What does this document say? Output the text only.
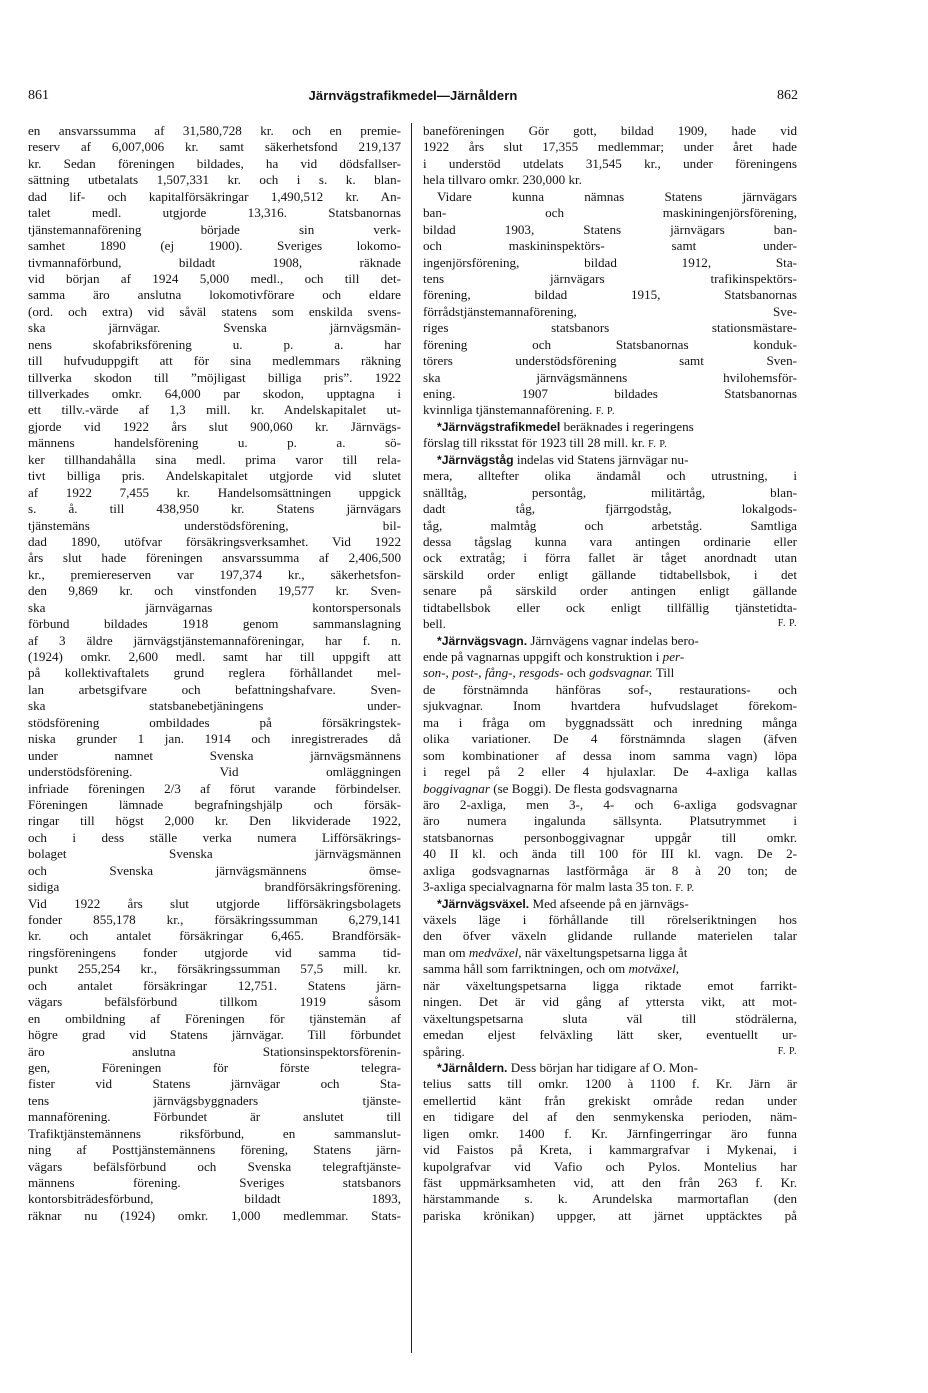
861	Järnvägstrafikmedel—Järnåldern	862
en ansvarssumma af 31,580,728 kr. och en premie-
reserv af 6,007,006 kr. samt säkerhetsfond 219,137
kr. Sedan föreningen bildades, ha vid dödsfallser-
sättning utbetalats 1,507,331 kr. och i s. k. blan-
dad lif- och kapitalförsäkringar 1,490,512 kr. An-
talet medl. utgjorde 13,316. Statsbanornas
tjänstemannaförening började sin verk-
samhet 1890 (ej 1900). Sveriges lokomo-
tivmannaförbund, bildadt 1908, räknade
vid början af 1924 5,000 medl., och till det-
samma äro anslutna lokomotivförare och eldare
(ord. och extra) vid såväl statens som enskilda svens-
ska järnvägar. Svenska järnvägsmän-
nens skofabriksförening u. p. a. har
till hufvuduppgift att för sina medlemmars räkning
tillverka skodon till ”möjligast billiga pris”. 1922
tillverkades omkr. 64,000 par skodon, upptagna i
ett tillv.-värde af 1,3 mill. kr. Andelskapitalet ut-
gjorde vid 1922 års slut 900,060 kr. Järnvägs-
männens handelsförening u. p. a. sö-
ker tillhandahålla sina medl. prima varor till rela-
tivt billiga pris. Andelskapitalet utgjorde vid slutet
af 1922 7,455 kr. Handelsomsättningen uppgick
s. å. till 438,950 kr. Statens järnvägars
tjänstemäns understödsförening, bil-
dad 1890, utöfvar försäkringsverksamhet. Vid 1922
års slut hade föreningen ansvarssumma af 2,406,500
kr., premiereserven var 197,374 kr., säkerhetsfon-
den 9,869 kr. och vinstfonden 19,577 kr. Sven-
ska järnvägarnas kontorspersonals
förbund bildades 1918 genom sammanslagning
af 3 äldre järnvägstjänstemannaföreningar, har f. n.
(1924) omkr. 2,600 medl. samt har till uppgift att
på kollektivaftalets grund reglera förhållandet mel-
lan arbetsgifvare och befattningshafvare. Sven-
ska statsbanebetjäningens under-
stödsförening ombildades på försäkringstek-
niska grunder 1 jan. 1914 och inregistrerades då
under namnet Svenska järnvägsmännens
understödsförening. Vid omläggningen
infriade föreningen 2/3 af förut varande förbindelser.
Föreningen lämnade begrafningshjälp och försäk-
ringar till högst 2,000 kr. Den likviderade 1922,
och i dess ställe verka numera Lifförsäkrings-
bolaget Svenska järnvägsmännen
och Svenska järnvägsmännens ömse-
sidiga brandförsäkringsförening.
Vid 1922 års slut utgjorde lifförsäkringsbolagets
fonder 855,178 kr., försäkringssumman 6,279,141
kr. och antalet försäkringar 6,465. Brandförsäk-
ringsföreningens fonder utgjorde vid samma tid-
punkt 255,254 kr., försäkringssumman 57,5 mill. kr.
och antalet försäkringar 12,751. Statens järn-
vägars befälsförbund tillkom 1919 såsom
en ombildning af Föreningen för tjänstemän af
högre grad vid Statens järnvägar. Till förbundet
äro anslutna Stationsinspektorsförenin-
gen, Föreningen för förste telegra-
fister vid Statens järnvägar och Sta-
tens järnvägsbyggnaders tjänste-
mannaförening. Förbundet är anslutet till
Trafiktjänstemännens riksförbund, en sammanslut-
ning af Posttjänstemännens förening, Statens järn-
vägars befälsförbund och Svenska telegraftjänste-
männens förening. Sveriges statsbanors
kontorsbiträdesförbund, bildadt 1893,
räknar nu (1924) omkr. 1,000 medlemmar. Stats-
baneföreningen Gör gott, bildad 1909, hade vid
1922 års slut 17,355 medlemmar; under året hade
i understöd utdelats 31,545 kr., under föreningens
hela tillvaro omkr. 230,000 kr.
Vidare kunna nämnas Statens järnvägars
ban- och maskiningenjörsförening,
bildad 1903, Statens järnvägars ban-
och maskininspektörs- samt under-
ingenjörsförening, bildad 1912, Sta-
tens järnvägars trafikinspektörs-
förening, bildad 1915, Statsbanornas
förrådstjänstemannaförening, Sve-
riges statsbanors stationsmästare-
förening och Statsbanornas konduk-
törers understödsförening samt Sven-
ska järnvägsmännens hvilohemsför-
ening. 1907 bildades Statsbanornas
kvinnliga tjänstemannaförening. F. P.
*Järnvägstrafikmedel beräknades i regeringens
förslag till riksstat för 1923 till 28 mill. kr. F. P.
*Järnvägståg indelas vid Statens järnvägar nu-
mera, alltefter olika ändamål och utrustning, i
snälltåg, persontåg, militärtåg, blan-
dadt tåg, fjärrgodståg, lokalgods-
tåg, malmtåg och arbetståg. Samtliga
dessa tågslag kunna vara antingen ordinarie eller
ock extratåg; i förra fallet är tåget anordnadt utan
särskild order enligt gällande tidtabellsbok, i det
senare på särskild order antingen enligt gällande
tidtabellsbok eller ock enligt tillfällig tjänstetidta-
bell.	F. P.
*Järnvägsvagn. Järnvägens vagnar indelas bero-
ende på vagnarnas uppgift och konstruktion i per-
son-, post-, fång-, resgods- och godsvagnar. Till
de förstnämnda hänföras sof-, restaurations- och
sjukvagnar. Inom hvartdera hufvudslaget förekom-
ma i fråga om byggnadssätt och inredning många
olika variationer. De 4 förstnämnda slagen (äfven
som kombinationer af dessa inom samma vagn) löpa
i regel på 2 eller 4 hjulaxlar. De 4-axliga kallas
boggivagnar (se Boggi). De flesta godsvagnarna
äro 2-axliga, men 3-, 4- och 6-axliga godsvagnar
äro numera ingalunda sällsynta. Platsutrymmet i
statsbanornas personboggivagnar uppgår till omkr.
40 II kl. och ända till 100 för III kl. vagn. De 2-
axliga godsvagnarnas lastförmåga är 8 à 20 ton; de
3-axliga specialvagnarna för malm lasta 35 ton. F. P.
*Järnvägsväxel. Med afseende på en järnvägs-
växels läge i förhållande till rörelseriktningen hos
den öfver växeln glidande rullande materielen talar
man om medväxel, när växeltungspetsarna ligga åt
samma håll som farriktningen, och om motväxel,
när växeltungspetsarna ligga riktade emot farrikt-
ningen. Det är vid gång af yttersta vikt, att mot-
växeltungspetsarna sluta väl till stödrälerna,
emedan eljest felväxling lätt sker, eventuellt ur-
spåring.	F. P.
*Järnåldern. Dess början har tidigare af O. Mon-
telius satts till omkr. 1200 à 1100 f. Kr. Järn är
emellertid känt från grekiskt område redan under
en tidigare del af den senmykenska perioden, näm-
ligen omkr. 1400 f. Kr. Järnfingerringar äro funna
vid Faistos på Kreta, i kammargrafvar i Mykenai, i
kupolgrafvar vid Vafio och Pylos. Montelius har
fäst uppmärksamheten vid, att den från 263 f. Kr.
härstammande s. k. Arundelska marmortaflan (den
pariska krönikan) uppger, att järnet upptäcktes på
